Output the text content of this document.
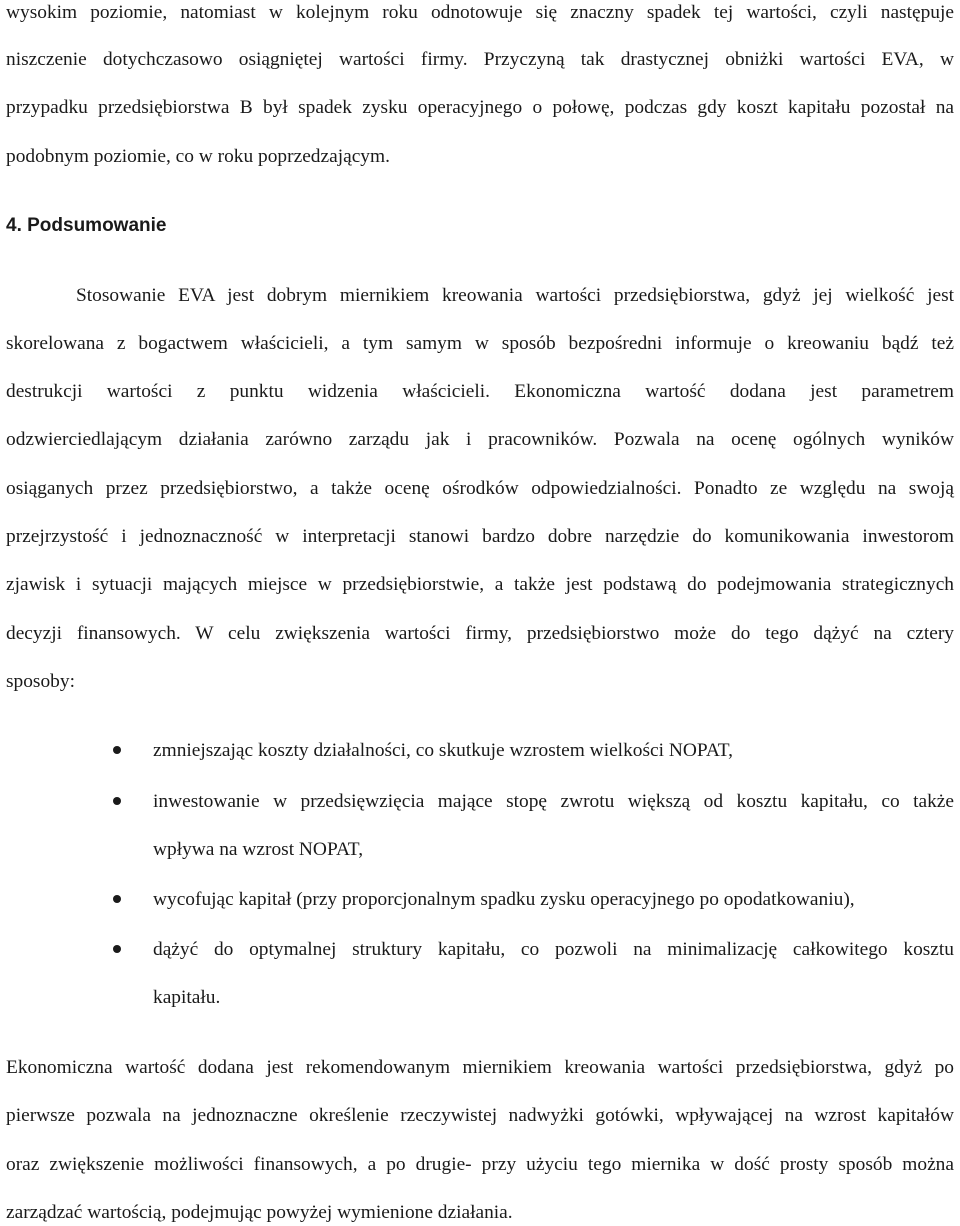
wysokim poziomie, natomiast w kolejnym roku odnotowuje się znaczny spadek tej wartości, czyli następuje
niszczenie dotychczasowo osiągniętej wartości firmy. Przyczyną tak drastycznej obniżki wartości EVA, w
przypadku przedsiębiorstwa B był spadek zysku operacyjnego o połowę, podczas gdy koszt kapitału pozostał na
podobnym poziomie, co w roku poprzedzającym.
4. Podsumowanie
Stosowanie EVA jest dobrym miernikiem kreowania wartości przedsiębiorstwa, gdyż jej wielkość jest
skorelowana z bogactwem właścicieli, a tym samym w sposób bezpośredni informuje o kreowaniu bądź też
destrukcji wartości z punktu widzenia właścicieli. Ekonomiczna wartość dodana jest parametrem
odzwierciedlającym działania zarówno zarządu jak i pracowników. Pozwala na ocenę ogólnych wyników
osiąganych przez przedsiębiorstwo, a także ocenę ośrodków odpowiedzialności. Ponadto ze względu na swoją
przejrzystość i jednoznaczność w interpretacji stanowi bardzo dobre narzędzie do komunikowania inwestorom
zjawisk i sytuacji mających miejsce w przedsiębiorstwie, a także jest podstawą do podejmowania strategicznych
decyzji finansowych. W celu zwiększenia wartości firmy, przedsiębiorstwo może do tego dążyć na cztery
sposoby:
zmniejszając koszty działalności, co skutkuje wzrostem wielkości NOPAT,
inwestowanie w przedsięwzięcia mające stopę zwrotu większą od kosztu kapitału, co także
wpływa na wzrost NOPAT,
wycofując kapitał (przy proporcjonalnym spadku zysku operacyjnego po opodatkowaniu),
dążyć do optymalnej struktury kapitału, co pozwoli na minimalizację całkowitego kosztu
kapitału.
Ekonomiczna wartość dodana jest rekomendowanym miernikiem kreowania wartości przedsiębiorstwa, gdyż po
pierwsze pozwala na jednoznaczne określenie rzeczywistej nadwyżki gotówki, wpływającej na wzrost kapitałów
oraz zwiększenie możliwości finansowych, a po drugie- przy użyciu tego miernika w dość prosty sposób można
zarządzać wartością, podejmując powyżej wymienione działania.
